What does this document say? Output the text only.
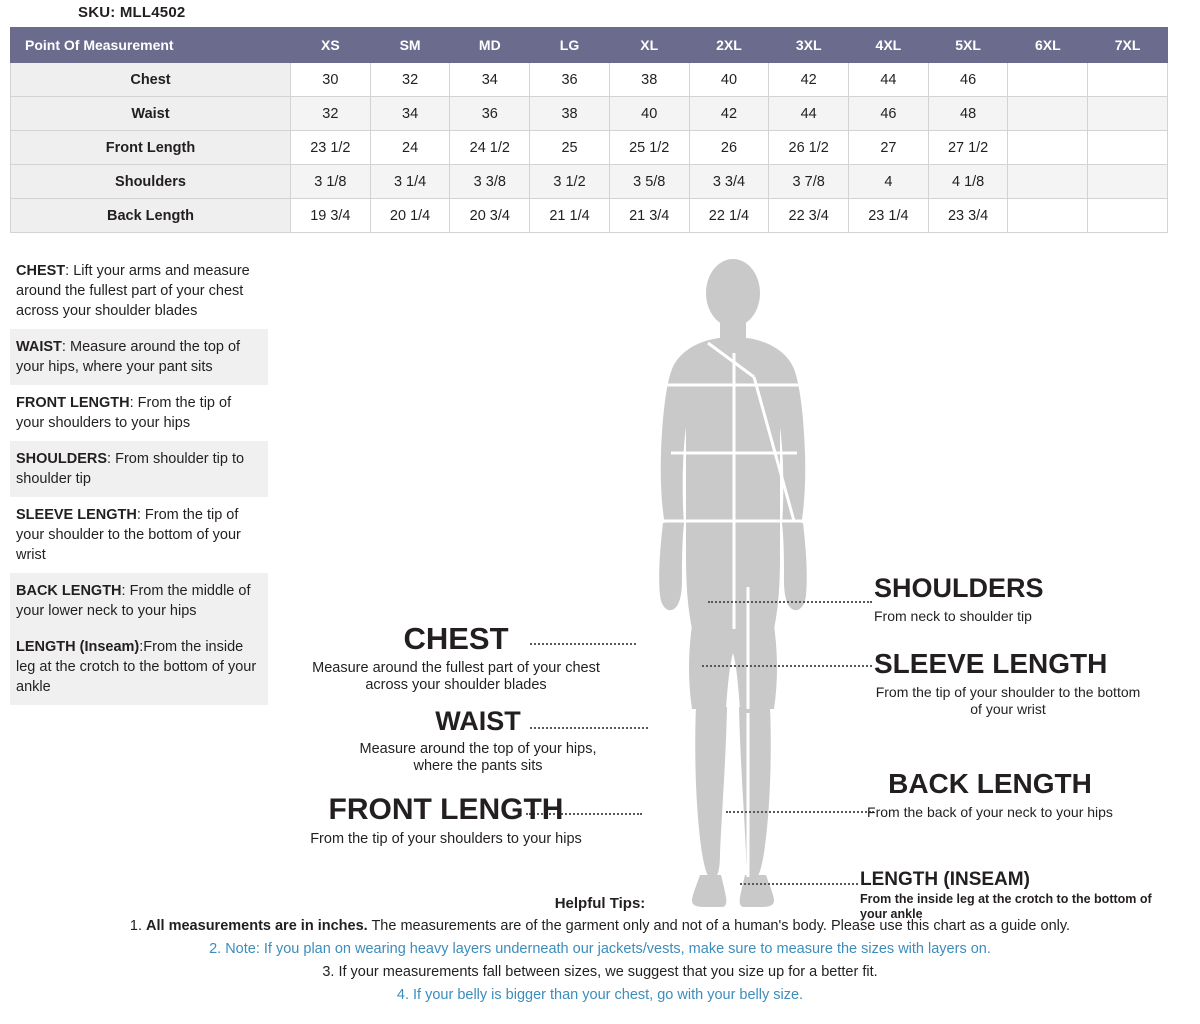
SKU: MLL4502
Point Of Measurement	XS	SM	MD	LG	XL	2XL	3XL	4XL	5XL	6XL	7XL
Chest	30	32	34	36	38	40	42	44	46		
Waist	32	34	36	38	40	42	44	46	48		
Front Length	23 1/2	24	24 1/2	25	25 1/2	26	26 1/2	27	27 1/2		
Shoulders	3 1/8	3 1/4	3 3/8	3 1/2	3 5/8	3 3/4	3 7/8	4	4 1/8		
Back Length	19 3/4	20 1/4	20 3/4	21 1/4	21 3/4	22 1/4	22 3/4	23 1/4	23 3/4		
CHEST: Lift your arms and measure around the fullest part of your chest across your shoulder blades
WAIST: Measure around the top of your hips, where your pant sits
FRONT LENGTH: From the tip of your shoulders to your hips
SHOULDERS: From shoulder tip to shoulder tip
SLEEVE LENGTH: From the tip of your shoulder to the bottom of your wrist
BACK LENGTH: From the middle of your lower neck to your hips
LENGTH (Inseam):From the inside leg at the crotch to the bottom of your ankle
CHEST
Measure around the fullest part of your chest across your shoulder blades
WAIST
Measure around the top of your hips, where the pants sits
FRONT LENGTH
From the tip of your shoulders to your hips
SHOULDERS
From neck to shoulder tip
SLEEVE LENGTH
From the tip of your shoulder to the bottom of your wrist
BACK LENGTH
From the back of your neck to your hips
LENGTH (INSEAM)
From the inside leg at the crotch to the bottom of your ankle
Helpful Tips:

1. All measurements are in inches. The measurements are of the garment only and not of a human's body. Please use this chart as a guide only.

2. Note: If you plan on wearing heavy layers underneath our jackets/vests, make sure to measure the sizes with layers on.

3. If your measurements fall between sizes, we suggest that you size up for a better fit.

4. If your belly is bigger than your chest, go with your belly size.
